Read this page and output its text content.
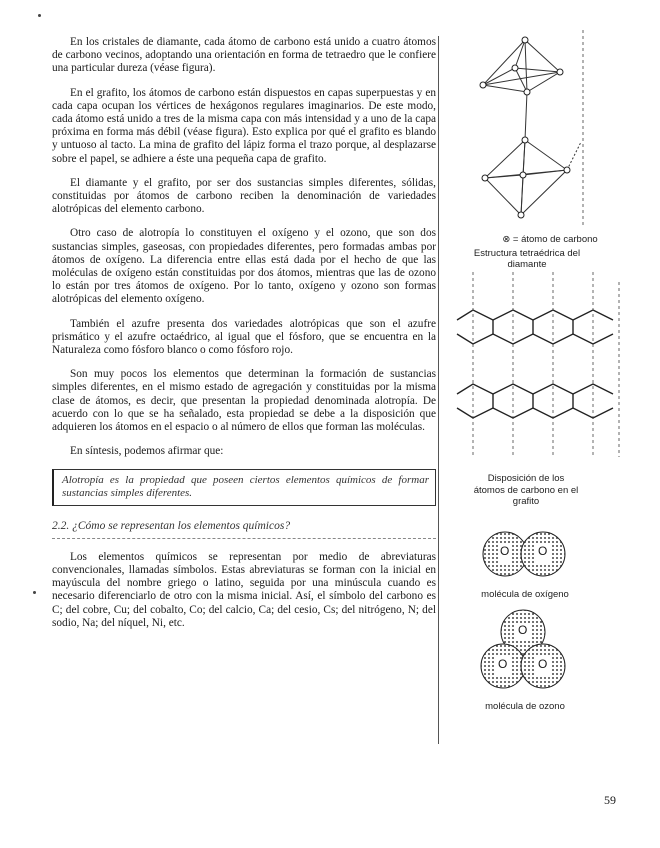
En los cristales de diamante, cada átomo de carbono está unido a cuatro átomos de carbono vecinos, adoptando una orientación en forma de tetraedro que le confiere una particular dureza (véase figura).

En el grafito, los átomos de carbono están dispuestos en capas superpuestas y en cada capa ocupan los vértices de hexágonos regulares imaginarios. De este modo, cada átomo está unido a tres de la misma capa con más intensidad y a uno de la capa próxima en forma más débil (véase figura). Esto explica por qué el grafito es blando y untuoso al tacto. La mina de grafito del lápiz forma el trazo porque, al desplazarse sobre el papel, se adhiere a éste una pequeña capa de grafito.

El diamante y el grafito, por ser dos sustancias simples diferentes, sólidas, constituidas por átomos de carbono reciben la denominación de variedades alotrópicas del elemento carbono.

Otro caso de alotropía lo constituyen el oxígeno y el ozono, que son dos sustancias simples, gaseosas, con propiedades diferentes, pero formadas ambas por átomos de oxígeno. La diferencia entre ellas está dada por el hecho de que las moléculas de oxígeno están constituidas por dos átomos, mientras que las de ozono lo están por tres átomos de oxígeno. Por lo tanto, oxígeno y ozono son formas alotrópicas del elemento oxígeno.

También el azufre presenta dos variedades alotrópicas que son el azufre prismático y el azufre octaédrico, al igual que el fósforo, que se encuentra en la Naturaleza como fósforo blanco o como fósforo rojo.

Son muy pocos los elementos que determinan la formación de sustancias simples diferentes, en el mismo estado de agregación y constituidas por la misma clase de átomos, es decir, que presentan la propiedad denominada alotropía. De acuerdo con lo que se ha señalado, esta propiedad se debe a la disposición que adquieren los átomos en el espacio o al número de ellos que forman las moléculas.

En síntesis, podemos afirmar que:

Alotropía es la propiedad que poseen ciertos elementos químicos de formar sustancias simples diferentes.
2.2. ¿Cómo se representan los elementos químicos?

Los elementos químicos se representan por medio de abreviaturas convencionales, llamadas símbolos. Estas abreviaturas se forman con la inicial en mayúscula del nombre griego o latino, seguida por una minúscula cuando es necesario diferenciarlo de otro con la misma inicial. Así, el símbolo del carbono es C; del cobre, Cu; del cobalto, Co; del calcio, Ca; del cesio, Cs; del nitrógeno, N; del sodio, Na; del níquel, Ni, etc.

⊗ = átomo de carbono
Estructura tetraédrica del diamante
Disposición de los átomos de carbono en el grafito
O O
molécula de oxígeno
O
O	O
molécula de ozono
59
